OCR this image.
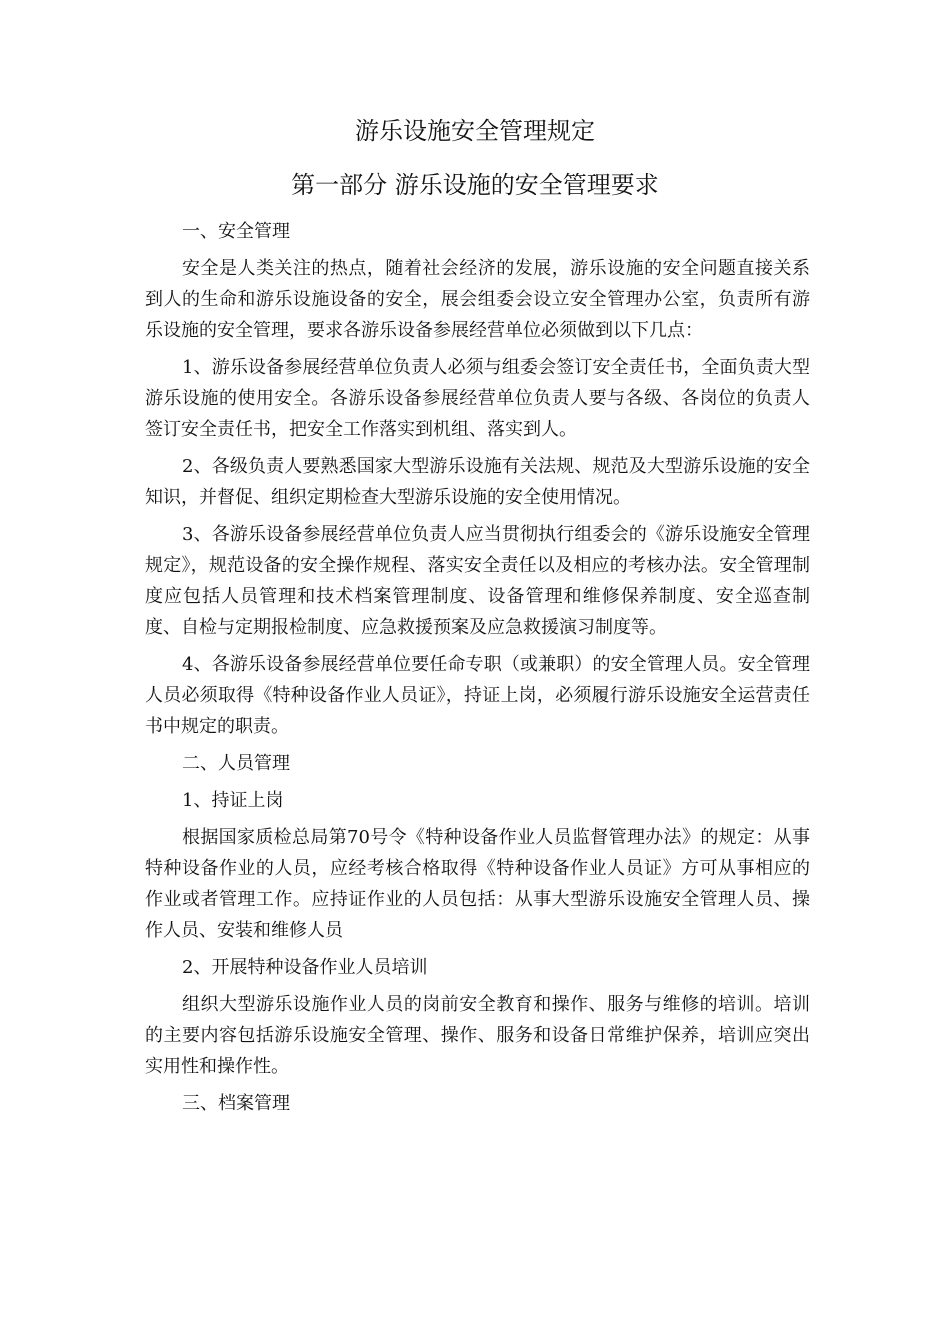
游乐设施安全管理规定
第一部分 游乐设施的安全管理要求

一、安全管理

安全是人类关注的热点，随着社会经济的发展，游乐设施的安全问题直接关系到人的生命和游乐设施设备的安全，展会组委会设立安全管理办公室，负责所有游乐设施的安全管理，要求各游乐设备参展经营单位必须做到以下几点：

1、游乐设备参展经营单位负责人必须与组委会签订安全责任书，全面负责大型游乐设施的使用安全。各游乐设备参展经营单位负责人要与各级、各岗位的负责人签订安全责任书，把安全工作落实到机组、落实到人。

2、各级负责人要熟悉国家大型游乐设施有关法规、规范及大型游乐设施的安全知识，并督促、组织定期检查大型游乐设施的安全使用情况。

3、各游乐设备参展经营单位负责人应当贯彻执行组委会的《游乐设施安全管理规定》，规范设备的安全操作规程、落实安全责任以及相应的考核办法。安全管理制度应包括人员管理和技术档案管理制度、设备管理和维修保养制度、安全巡查制度、自检与定期报检制度、应急救援预案及应急救援演习制度等。

4、各游乐设备参展经营单位要任命专职（或兼职）的安全管理人员。安全管理人员必须取得《特种设备作业人员证》，持证上岗，必须履行游乐设施安全运营责任书中规定的职责。

二、人员管理

1、持证上岗

根据国家质检总局第70号令《特种设备作业人员监督管理办法》的规定：从事特种设备作业的人员，应经考核合格取得《特种设备作业人员证》方可从事相应的作业或者管理工作。应持证作业的人员包括：从事大型游乐设施安全管理人员、操作人员、安装和维修人员

2、开展特种设备作业人员培训

组织大型游乐设施作业人员的岗前安全教育和操作、服务与维修的培训。培训的主要内容包括游乐设施安全管理、操作、服务和设备日常维护保养，培训应突出实用性和操作性。

三、档案管理
